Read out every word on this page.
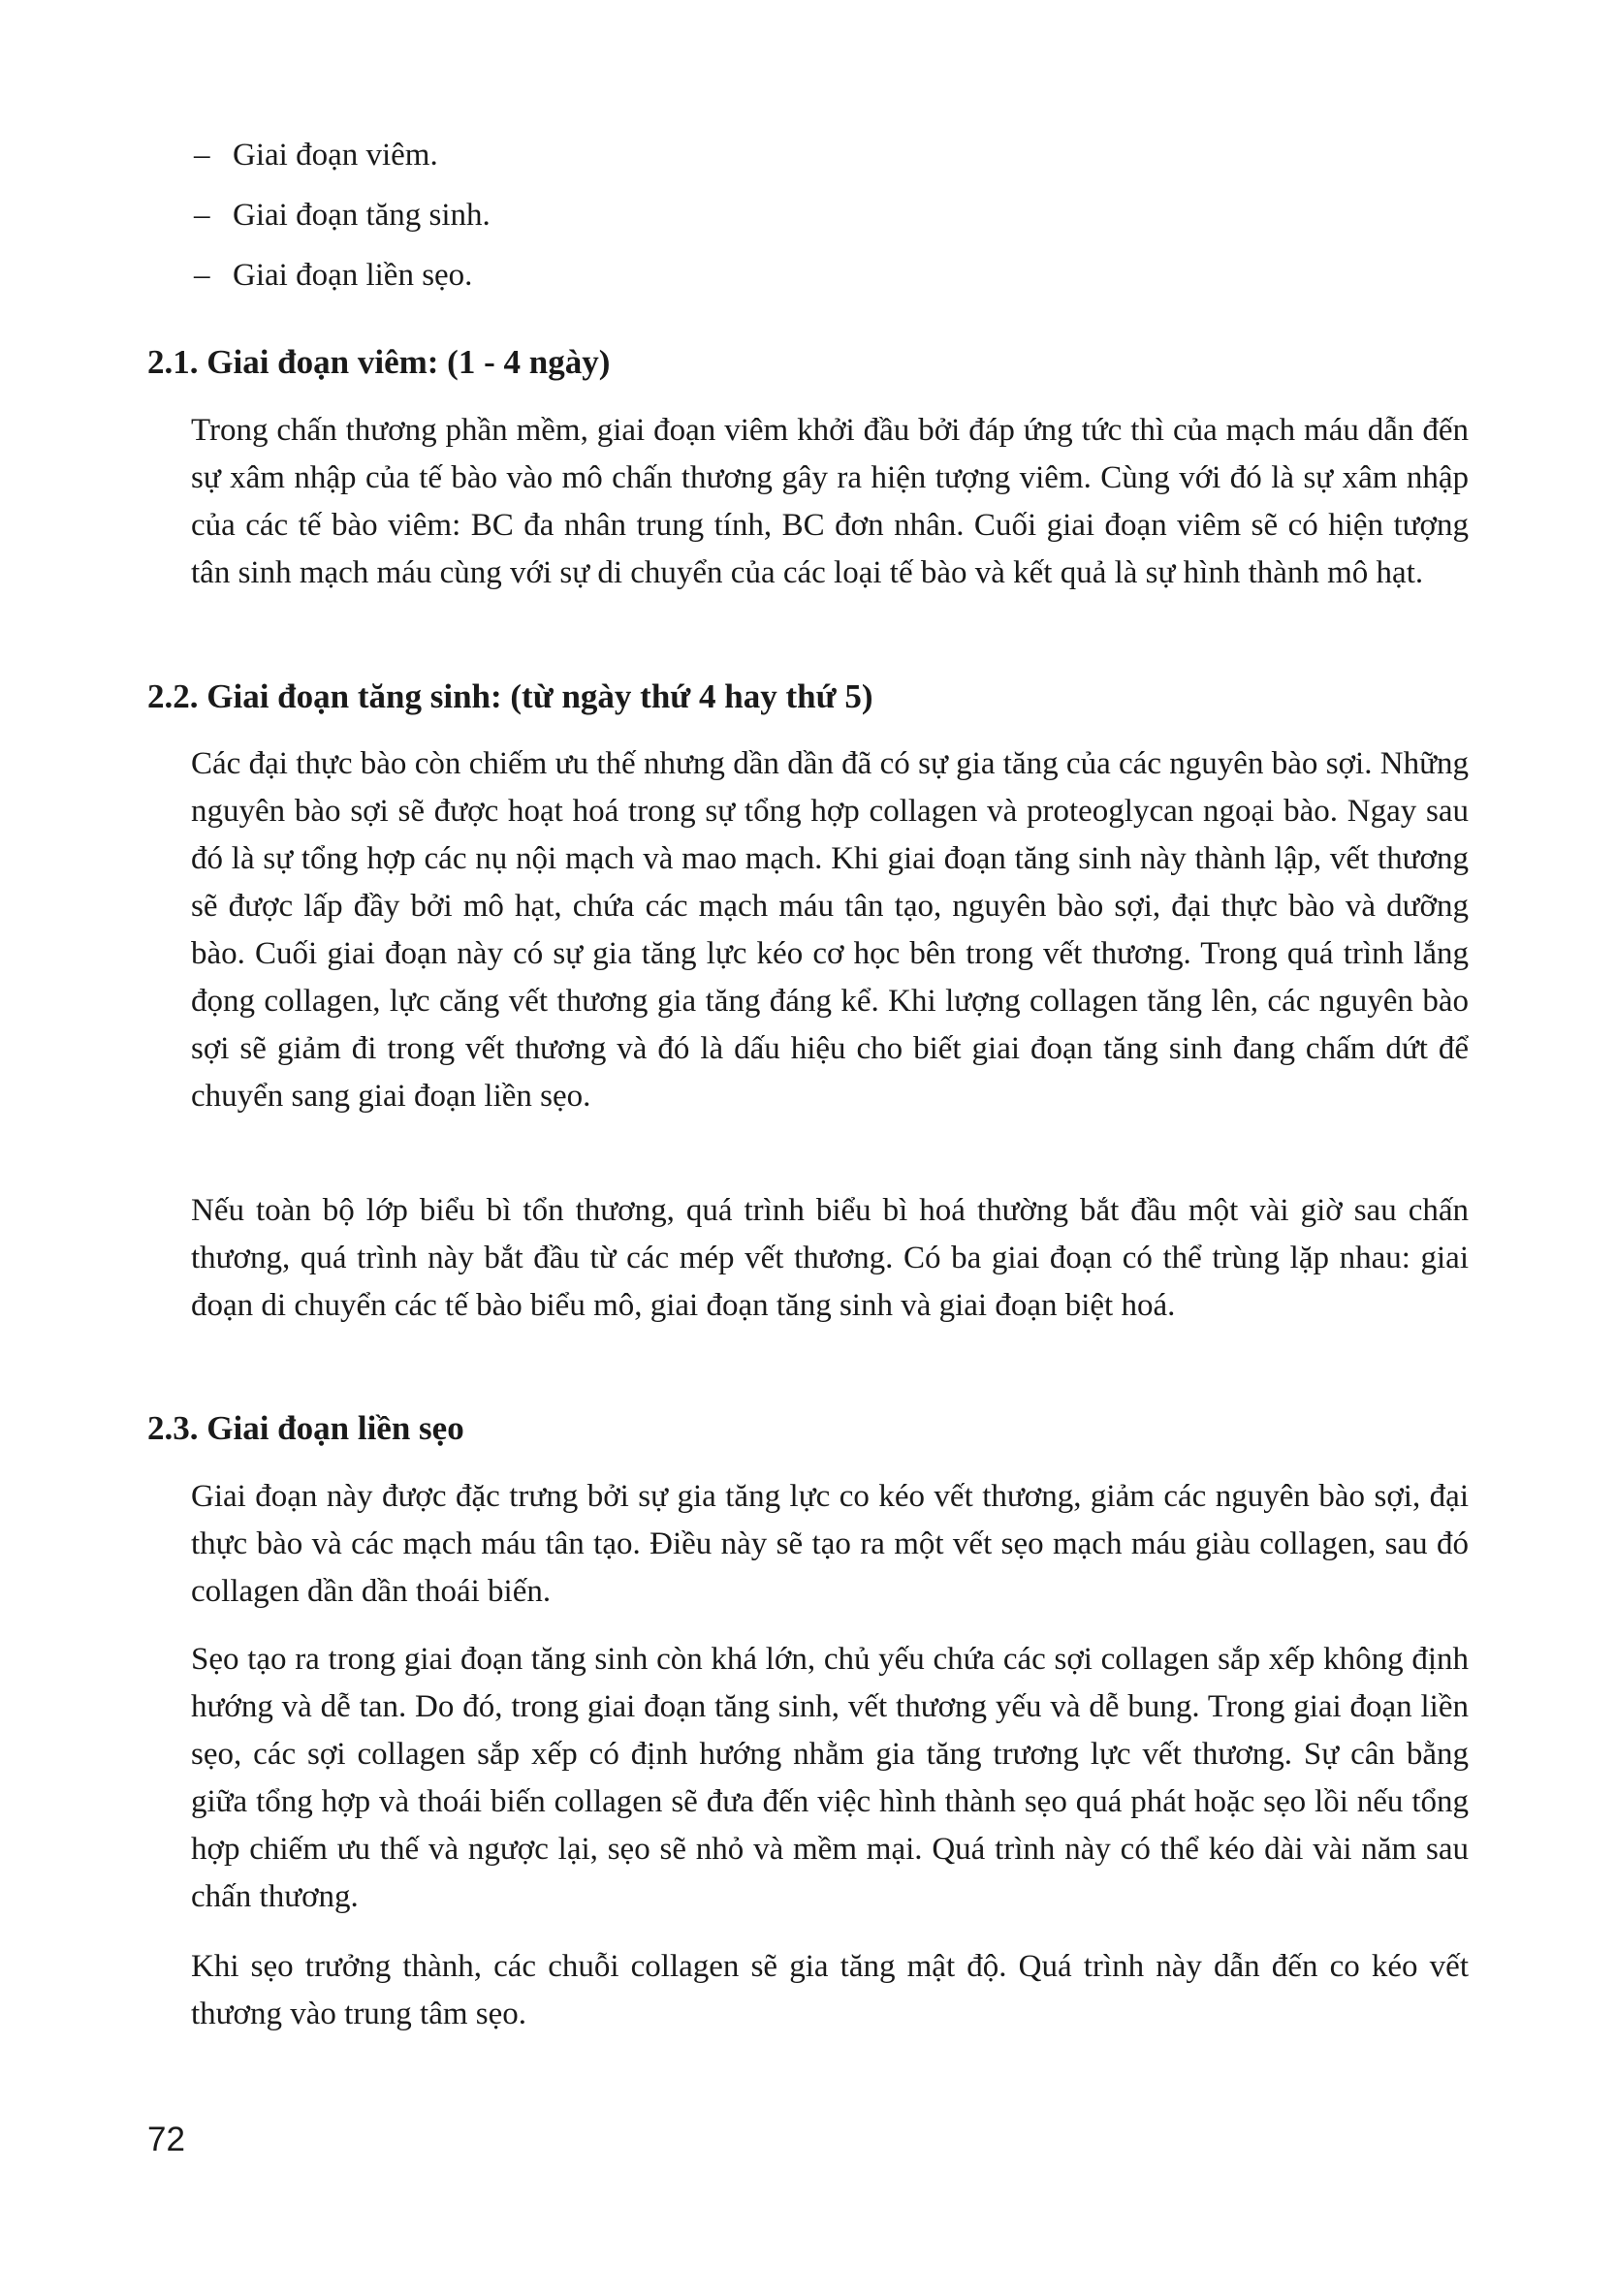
– Giai đoạn viêm.
– Giai đoạn tăng sinh.
– Giai đoạn liền sẹo.
2.1. Giai đoạn viêm: (1 - 4 ngày)

Trong chấn thương phần mềm, giai đoạn viêm khởi đầu bởi đáp ứng tức thì của mạch máu dẫn đến sự xâm nhập của tế bào vào mô chấn thương gây ra hiện tượng viêm. Cùng với đó là sự xâm nhập của các tế bào viêm: BC đa nhân trung tính, BC đơn nhân. Cuối giai đoạn viêm sẽ có hiện tượng tân sinh mạch máu cùng với sự di chuyển của các loại tế bào và kết quả là sự hình thành mô hạt.

2.2. Giai đoạn tăng sinh: (từ ngày thứ 4 hay thứ 5)

Các đại thực bào còn chiếm ưu thế nhưng dần dần đã có sự gia tăng của các nguyên bào sợi. Những nguyên bào sợi sẽ được hoạt hoá trong sự tổng hợp collagen và proteoglycan ngoại bào. Ngay sau đó là sự tổng hợp các nụ nội mạch và mao mạch. Khi giai đoạn tăng sinh này thành lập, vết thương sẽ được lấp đầy bởi mô hạt, chứa các mạch máu tân tạo, nguyên bào sợi, đại thực bào và dưỡng bào. Cuối giai đoạn này có sự gia tăng lực kéo cơ học bên trong vết thương. Trong quá trình lắng đọng collagen, lực căng vết thương gia tăng đáng kể. Khi lượng collagen tăng lên, các nguyên bào sợi sẽ giảm đi trong vết thương và đó là dấu hiệu cho biết giai đoạn tăng sinh đang chấm dứt để chuyển sang giai đoạn liền sẹo.

Nếu toàn bộ lớp biểu bì tổn thương, quá trình biểu bì hoá thường bắt đầu một vài giờ sau chấn thương, quá trình này bắt đầu từ các mép vết thương. Có ba giai đoạn có thể trùng lặp nhau: giai đoạn di chuyển các tế bào biểu mô, giai đoạn tăng sinh và giai đoạn biệt hoá.

2.3. Giai đoạn liền sẹo

Giai đoạn này được đặc trưng bởi sự gia tăng lực co kéo vết thương, giảm các nguyên bào sợi, đại thực bào và các mạch máu tân tạo. Điều này sẽ tạo ra một vết sẹo mạch máu giàu collagen, sau đó collagen dần dần thoái biến.

Sẹo tạo ra trong giai đoạn tăng sinh còn khá lớn, chủ yếu chứa các sợi collagen sắp xếp không định hướng và dễ tan. Do đó, trong giai đoạn tăng sinh, vết thương yếu và dễ bung. Trong giai đoạn liền sẹo, các sợi collagen sắp xếp có định hướng nhằm gia tăng trương lực vết thương. Sự cân bằng giữa tổng hợp và thoái biến collagen sẽ đưa đến việc hình thành sẹo quá phát hoặc sẹo lồi nếu tổng hợp chiếm ưu thế và ngược lại, sẹo sẽ nhỏ và mềm mại. Quá trình này có thể kéo dài vài năm sau chấn thương.

Khi sẹo trưởng thành, các chuỗi collagen sẽ gia tăng mật độ. Quá trình này dẫn đến co kéo vết thương vào trung tâm sẹo.

72
